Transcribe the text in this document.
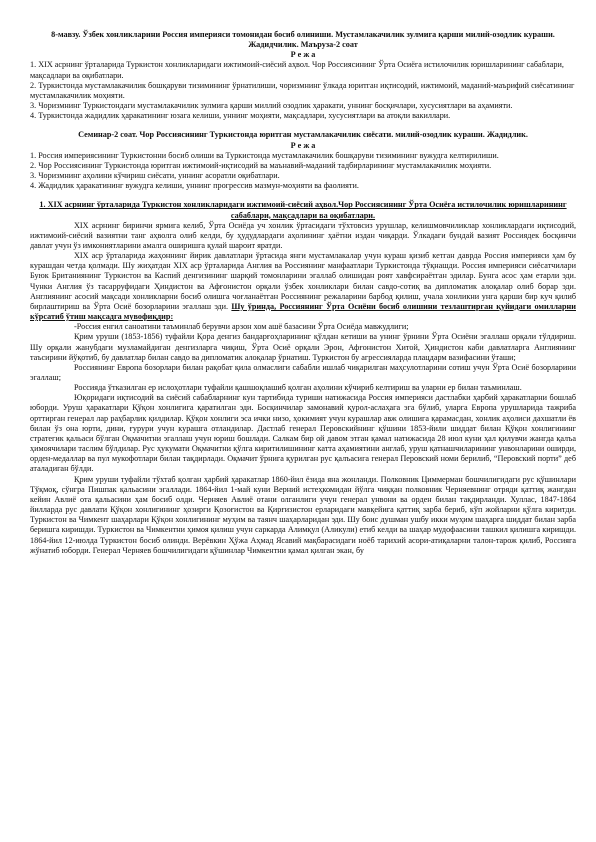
8-мавзу. Ўзбек хонликларини Россия империяси томонидан босиб олиниши. Мустамлакачилик зулмига қарши милий-озодлик кураши. Жадидчилик. Маъруза-2 соат

Р е ж а

1. XIX асрнинг ўрталарида Туркистон хонликларидаги ижтимоий-сиёсий аҳвол. Чор Россиясининг Ўрта Осиёга истилочилик юришларининг сабаблари, мақсадлари ва оқибатлари.

2. Туркистонда мустамлакачилик бошқаруви тизимининг ўрнатилиши, чоризмнинг ўлкада юритган иқтисодий, ижтимоий, маданий-маърифий сиёсатининг мустамлакачилик моҳияти.

3. Чоризмнинг Туркистондаги мустамлакачилик зулмига қарши миллий озодлик ҳаракати, уннинг босқичлари, хусусиятлари ва аҳамияти.

4. Туркистонда жадидлик ҳаракатининг юзага келиши, уннинг моҳияти, мақсадлари, хусусиятлари ва атоқли вакиллари.

Семинар-2 соат. Чор Россиясининг Туркистонда юритган мустамлакачилик сиёсати. милий-озодлик кураши. Жадидлик.

Р е ж а

1. Россия империясининг Туркистонни босиб олиши ва Туркистонда мустамлакачилик бошқаруви тизимининг вужудга келтирилиши.

2. Чор Россиясининг Туркистонда юритган ижтимоий-иқтисодий ва маънавий-маданий тадбирларининг мустамлакачилик моҳияти.

3. Чоризмнинг аҳолини кўчириш сиёсати, уннинг асоратли оқибатлари.

4. Жадидлик ҳаракатининг вужудга келиши, уннинг прогрессив мазмун-моҳияти ва фаолияти.

1. XIX асрнинг ўрталарида Туркистон хонликларидаги ижтимоий-сиёсий аҳвол.Чор Россиясининг Ўрта Осиёга истилочилик юришларининг сабаблари, мақсадлари ва оқибатлари.

XIX асрнинг биринчи ярмига келиб, Ўрта Осиёда уч хонлик ўртасидаги тўхтовсиз урушлар, келишмовчиликлар хонликлардаги иқтисодий, ижтимоий-сиёсий вазиятни танг аҳволга олиб келди, бу ҳудудлардаги аҳолининг ҳаётни издан чиқарди. Ўлкадаги бундай вазият Россиядек босқинчи давлат учун ўз имкониятларини амалга оширишга қулай шароит яратди.

XIX аср ўрталарида жаҳоннинг йирик давлатлари ўртасида янги мустамлакалар учун кураш қизиб кетган даврда Россия империяси ҳам бу курашдан четда қолмади. Шу жиҳатдан XIX аср ўрталарида Англия ва Россиянинг манфаатлари Туркистонда тўқнашди. Россия империяси сиёсатчилари Буюк Британиянинг Туркистон ва Каспий денгизининг шарқий томонларини эгаллаб олишидан роят хавфсираётган эдилар. Бунга асос ҳам етарли эди. Чунки Англия ўз тасарруфидаги Ҳиндистон ва Афғонистон орқали ўзбек хонликлари билан савдо-сотиқ ва дипломатик алоқалар олиб борар эди. Англиянинг асосий мақсади хонликларни босиб олишга чоғланаётган Россиянинг режаларини барбод қилиш, учала хонликни унга қарши бир куч қилиб бирлаштириш ва Ўрта Осиё бозорларини эгаллаш эди. Шу ўринда, Россиянинг Ўрта Осиёни босиб олишини тезлаштирган қуйидаги омилларни кўрсатиб ўтиш мақсадга мувофиқдир:

-Россия енгил саноатини таъминлаб берувчи арзон хом ашё базасини Ўрта Осиёда мавжудлиги;

Қрим уруши (1853-1856) туфайли Қора денгиз бандарғоҳларининг қўлдан кетиши ва унинг ўрнини Ўрта Осиёни эгаллаш орқали тўлдириш. Шу орқали жанубдаги музламайдиган денгизларга чиқиш, Ўрта Осиё орқали Эрон, Афғонистон Хитой, Ҳиндистон каби давлатларга Англиянинг таъсирини йўқотиб, бу давлатлар билан савдо ва дипломатик алоқалар ўрнатиш. Туркистон бу агрессияларда плацдарм вазифасини ўташи;

Россиянинг Европа бозорлари билан рақобат қила олмаслиги сабабли ишлаб чиқарилган маҳсулотларини сотиш учун Ўрта Осиё бозорларини эгаллаш;

Россияда ўтказилган ер ислоҳотлари туфайли қашшоқлашиб қолган аҳолини кўчириб келтириш ва уларни ер билан таъминлаш.

Юқоридаги иқтисодий ва сиёсий сабабларнинг кун тартибида туриши натижасида Россия империяси дастлабки ҳарбий ҳаракатларни бошлаб юборди. Уруш ҳаракатлари Қўқон хонлигига қаратилган эди. Босқинчилар замонавий қурол-аслаҳага эга бўлиб, уларга Европа урушларида тажриба орттирган генерал лар раҳбарлик қилдилар. Қўқон хонлиги эса ички низо, ҳокимият учун курашлар авж олишига қарамасдан, хонлик аҳолиси дахшатли ёв билан ўз она юрти, дини, ғурури учун курашга отландилар. Дастлаб генерал Перовскийнинг қўшини 1853-йили шиддат билан Қўқон хонлигининг стратегик қальаси бўлган Оқмачитни эгаллаш учун юриш бошлади. Салкам бир ой давом этган қамал натижасида 28 июл куни ҳал қилувчи жангда қалъа ҳимоячилари таслим бўлдилар. Рус ҳукумати Оқмачитни қўлга киритилишининг катта аҳамиятини англаб, уруш қатнашчиларининг унвонларини оширди, орден-медаллар ва пул мукофотлари билан тақдирлади. Оқмачит ўрнига қурилган рус қалъасига генерал Перовский номи берилиб, “Перовский порти” деб аталадиган бўлди.

Қрим уруши туфайли тўхтаб қолган ҳарбий ҳаракатлар 1860-йил ёзида яна жонланди. Полковник Циммерман бошчилигидаги рус қўшинлари Тўқмоқ, сўнгра Пишпак қальасини эгаллади. 1864-йил 1-май куни Верний истеҳкомидан йўлга чиққан полковник Черняевнинг отряди қаттиқ жангдан кейин Авлиё ота қальасини ҳам босиб олди. Черняев Авлиё отани олганлиги учун генерал унвони ва орден билан тақдирланди. Хуллас, 1847-1864 йилларда рус давлати Қўқон хонлигининг ҳозирги Қозоғистон ва Қирғизистон ерларидаги мавқейига қаттиқ зарба бериб, кўп жойларни қўлга киритди. Туркистон ва Чимкент шаҳарлари Қўқон хонлигининг муҳим ва таянч шаҳарларидан эди. Шу боис душман ушбу икки муҳим шаҳарга шиддат билан зарба беришга киришди. Туркистон ва Чимкентни ҳимоя қилиш учун саркарда Алимқул (Аликули) етиб келди ва шаҳар мудофаасини ташкил қилишга киришди. 1864-йил 12-июлда Туркистон босиб олинди. Верёвкин Ҳўжа Аҳмад Ясавий мақбарасидаги нoёб тарихий асори-атиқаларни талон-тарож қилиб, Россияга жўнатиб юборди. Генерал Черняев бошчилигидаги қўшинлар Чимкентни қамал қилган экан, бу
